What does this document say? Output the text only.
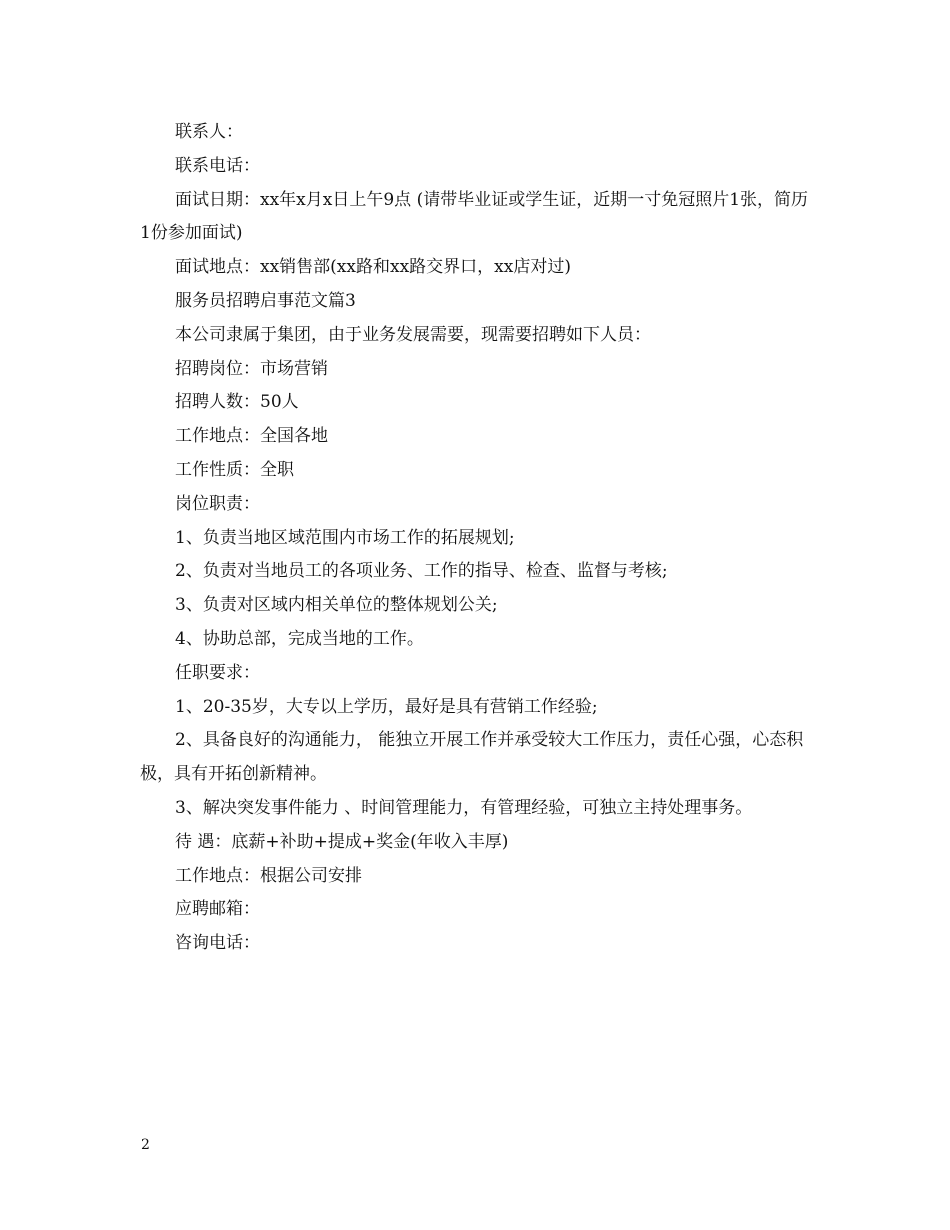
联系人：

联系电话：

面试日期：xx年x月x日上午9点 (请带毕业证或学生证，近期一寸免冠照片1张，简历1份参加面试)

面试地点：xx销售部(xx路和xx路交界口，xx店对过)

服务员招聘启事范文篇3

本公司隶属于集团，由于业务发展需要，现需要招聘如下人员：

招聘岗位：市场营销

招聘人数：50人

工作地点：全国各地

工作性质：全职

岗位职责：

1、负责当地区域范围内市场工作的拓展规划;

2、负责对当地员工的各项业务、工作的指导、检查、监督与考核;

3、负责对区域内相关单位的整体规划公关;

4、协助总部，完成当地的工作。

任职要求：

1、20-35岁，大专以上学历，最好是具有营销工作经验;

2、具备良好的沟通能力， 能独立开展工作并承受较大工作压力，责任心强，心态积极，具有开拓创新精神。

3、解决突发事件能力 、时间管理能力，有管理经验，可独立主持处理事务。

待 遇：底薪+补助+提成+奖金(年收入丰厚)

工作地点：根据公司安排

应聘邮箱：

咨询电话：

2
